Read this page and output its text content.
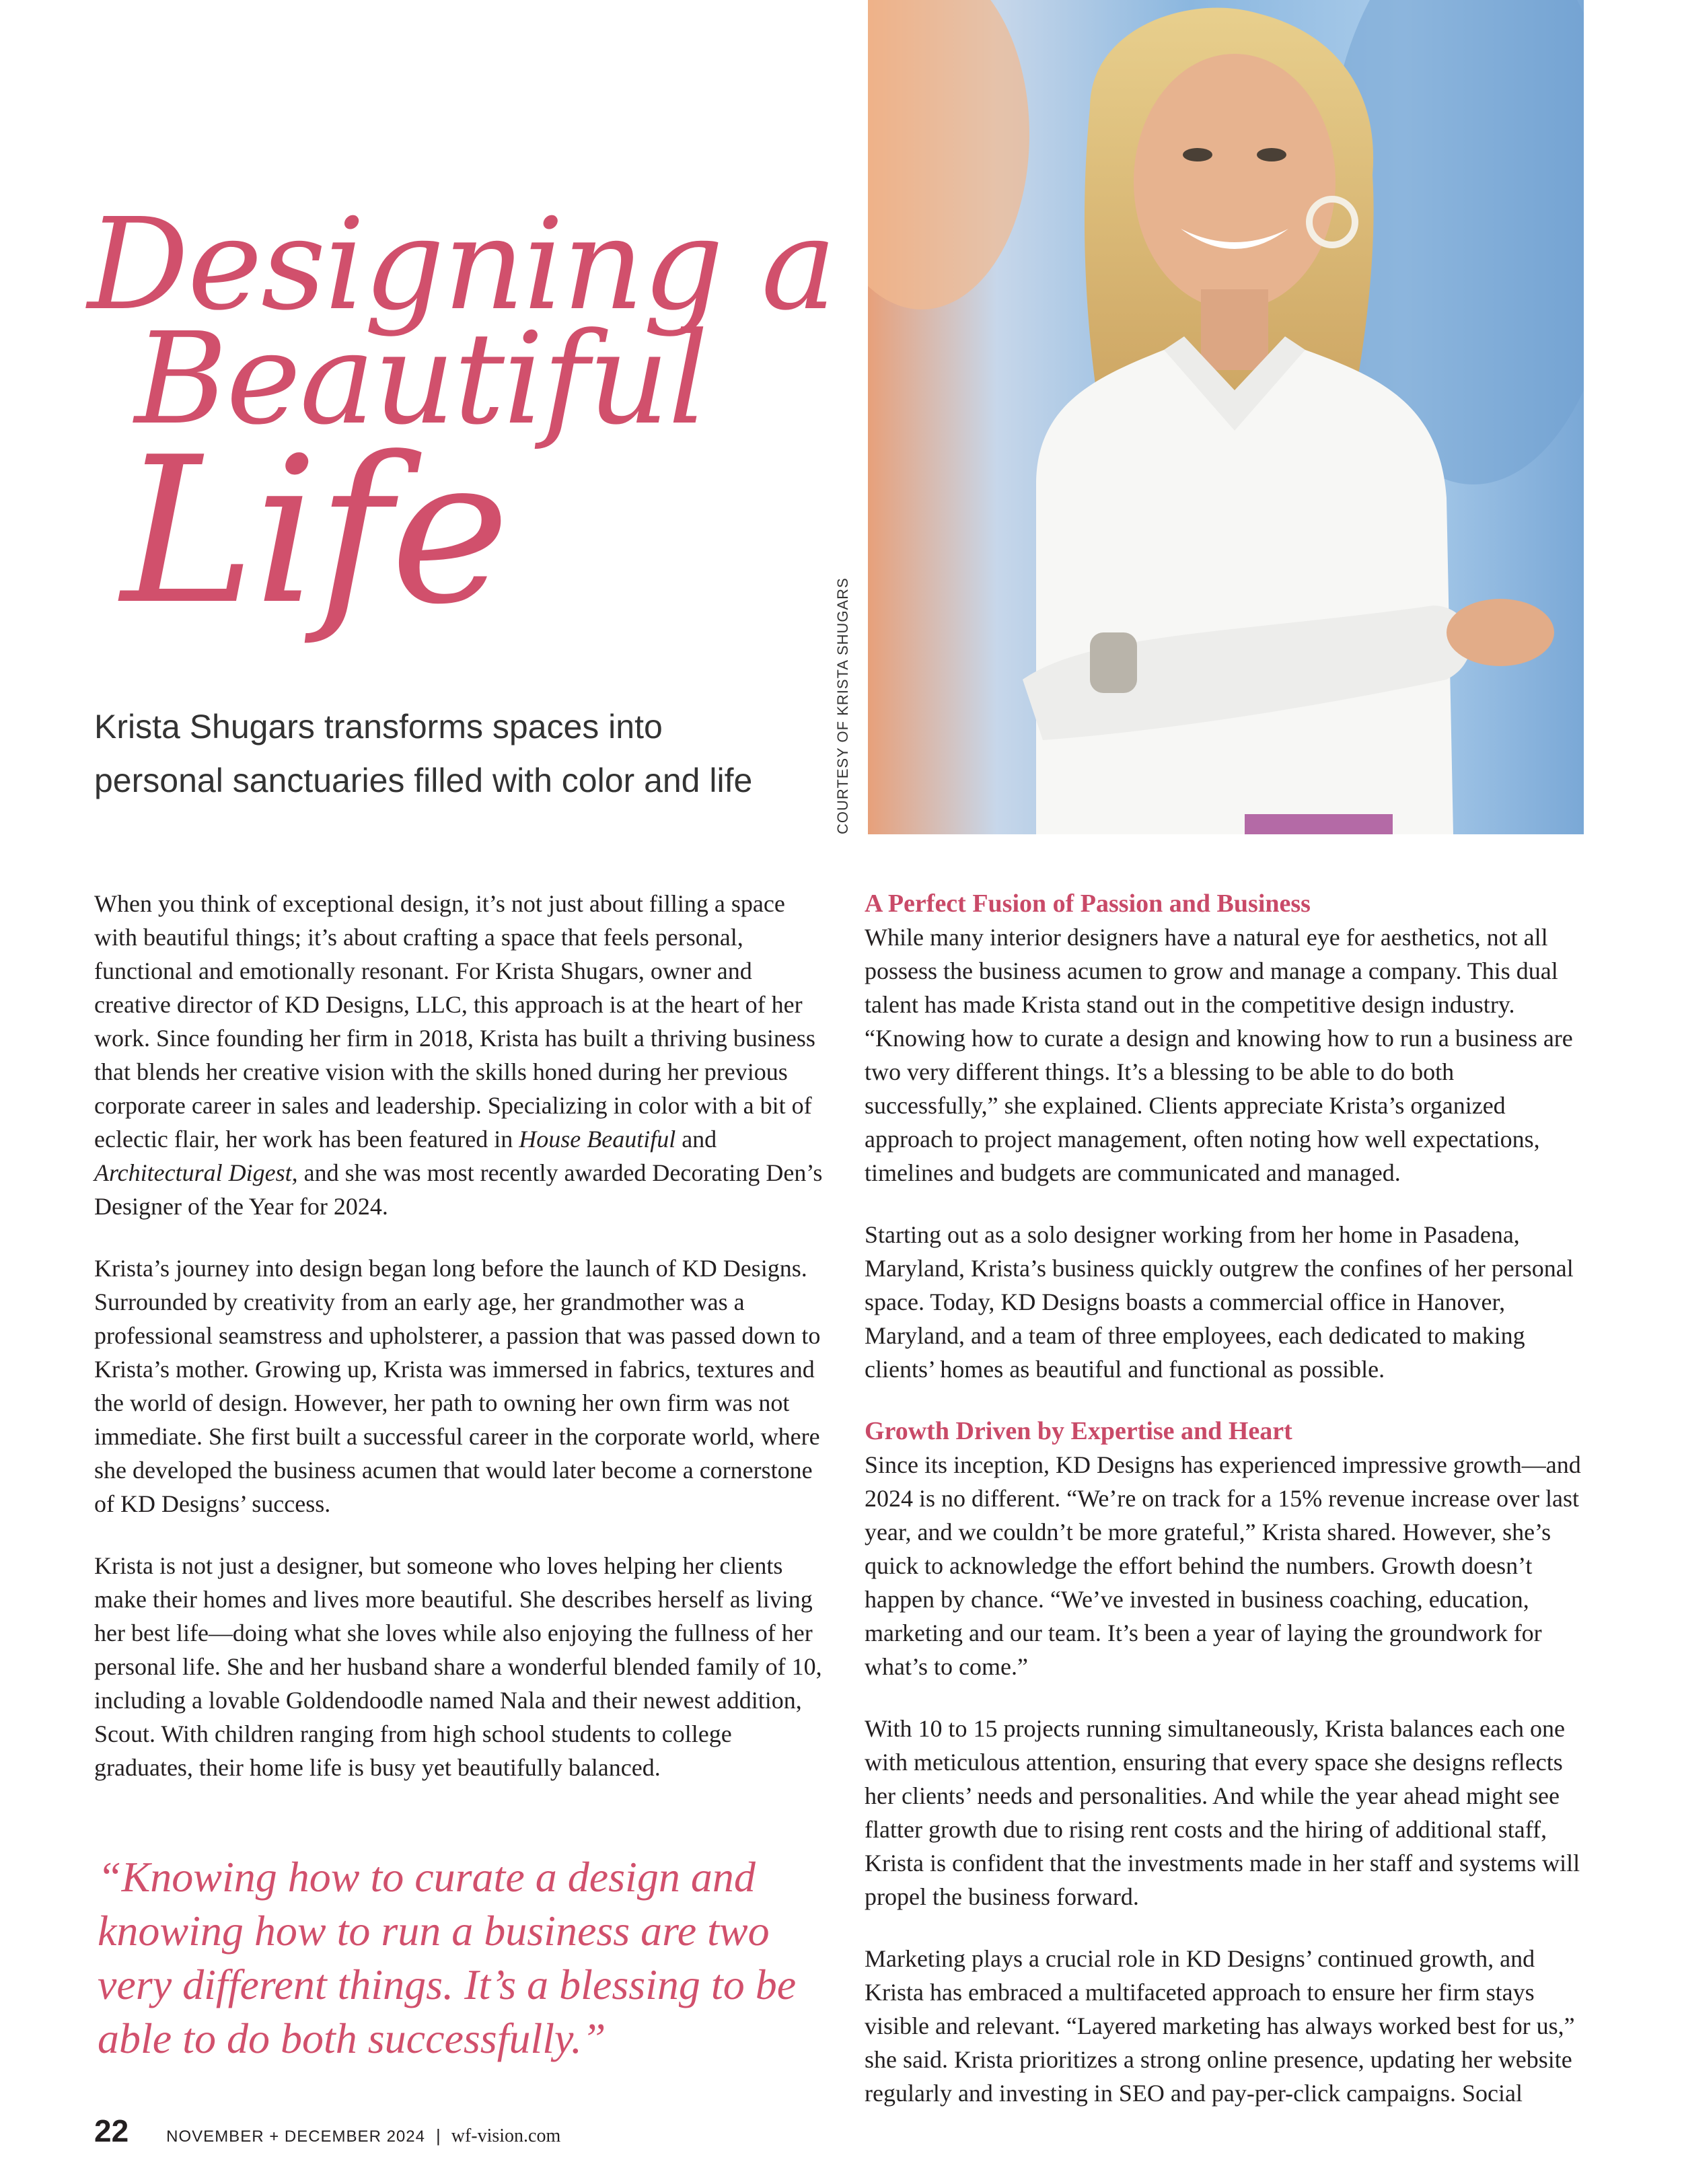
Designing a
Beautiful
Life
Krista Shugars transforms spaces into personal sanctuaries filled with color and life	COURTESY OF KRISTA SHUGARS

When you think of exceptional design, it’s not just about filling a space with beautiful things; it’s about crafting a space that feels personal, functional and emotionally resonant. For Krista Shugars, owner and creative director of KD Designs, LLC, this approach is at the heart of her work. Since founding her firm in 2018, Krista has built a thriving business that blends her creative vision with the skills honed during her previous corporate career in sales and leadership. Specializing in color with a bit of eclectic flair, her work has been featured in House Beautiful and Architectural Digest, and she was most recently awarded Decorating Den’s Designer of the Year for 2024.

Krista’s journey into design began long before the launch of KD Designs. Surrounded by creativity from an early age, her grandmother was a professional seamstress and upholsterer, a passion that was passed down to Krista’s mother. Growing up, Krista was immersed in fabrics, textures and the world of design. However, her path to owning her own firm was not immediate. She first built a successful career in the corporate world, where she developed the business acumen that would later become a cornerstone of KD Designs’ success.

Krista is not just a designer, but someone who loves helping her clients make their homes and lives more beautiful. She describes herself as living her best life—doing what she loves while also enjoying the fullness of her personal life. She and her husband share a wonderful blended family of 10, including a lovable Goldendoodle named Nala and their newest addition, Scout. With children ranging from high school students to college graduates, their home life is busy yet beautifully balanced.

“Knowing how to curate a design and knowing how to run a business are two very different things. It’s a blessing to be able to do both successfully.”
A Perfect Fusion of Passion and Business

While many interior designers have a natural eye for aesthetics, not all possess the business acumen to grow and manage a company. This dual talent has made Krista stand out in the competitive design industry. “Knowing how to curate a design and knowing how to run a business are two very different things. It’s a blessing to be able to do both successfully,” she explained. Clients appreciate Krista’s organized approach to project management, often noting how well expectations, timelines and budgets are communicated and managed.

Starting out as a solo designer working from her home in Pasadena, Maryland, Krista’s business quickly outgrew the confines of her personal space. Today, KD Designs boasts a commercial office in Hanover, Maryland, and a team of three employees, each dedicated to making clients’ homes as beautiful and functional as possible.

Growth Driven by Expertise and Heart

Since its inception, KD Designs has experienced impressive growth—and 2024 is no different. “We’re on track for a 15% revenue increase over last year, and we couldn’t be more grateful,” Krista shared. However, she’s quick to acknowledge the effort behind the numbers. Growth doesn’t happen by chance. “We’ve invested in business coaching, education, marketing and our team. It’s been a year of laying the groundwork for what’s to come.”

With 10 to 15 projects running simultaneously, Krista balances each one with meticulous attention, ensuring that every space she designs reflects her clients’ needs and personalities. And while the year ahead might see flatter growth due to rising rent costs and the hiring of additional staff, Krista is confident that the investments made in her staff and systems will propel the business forward.

Marketing plays a crucial role in KD Designs’ continued growth, and Krista has embraced a multifaceted approach to ensure her firm stays visible and relevant. “Layered marketing has always worked best for us,” she said. Krista prioritizes a strong online presence, updating her website regularly and investing in SEO and pay-per-click campaigns. Social

22 NOVEMBER + DECEMBER 2024 | wf-vision.com
